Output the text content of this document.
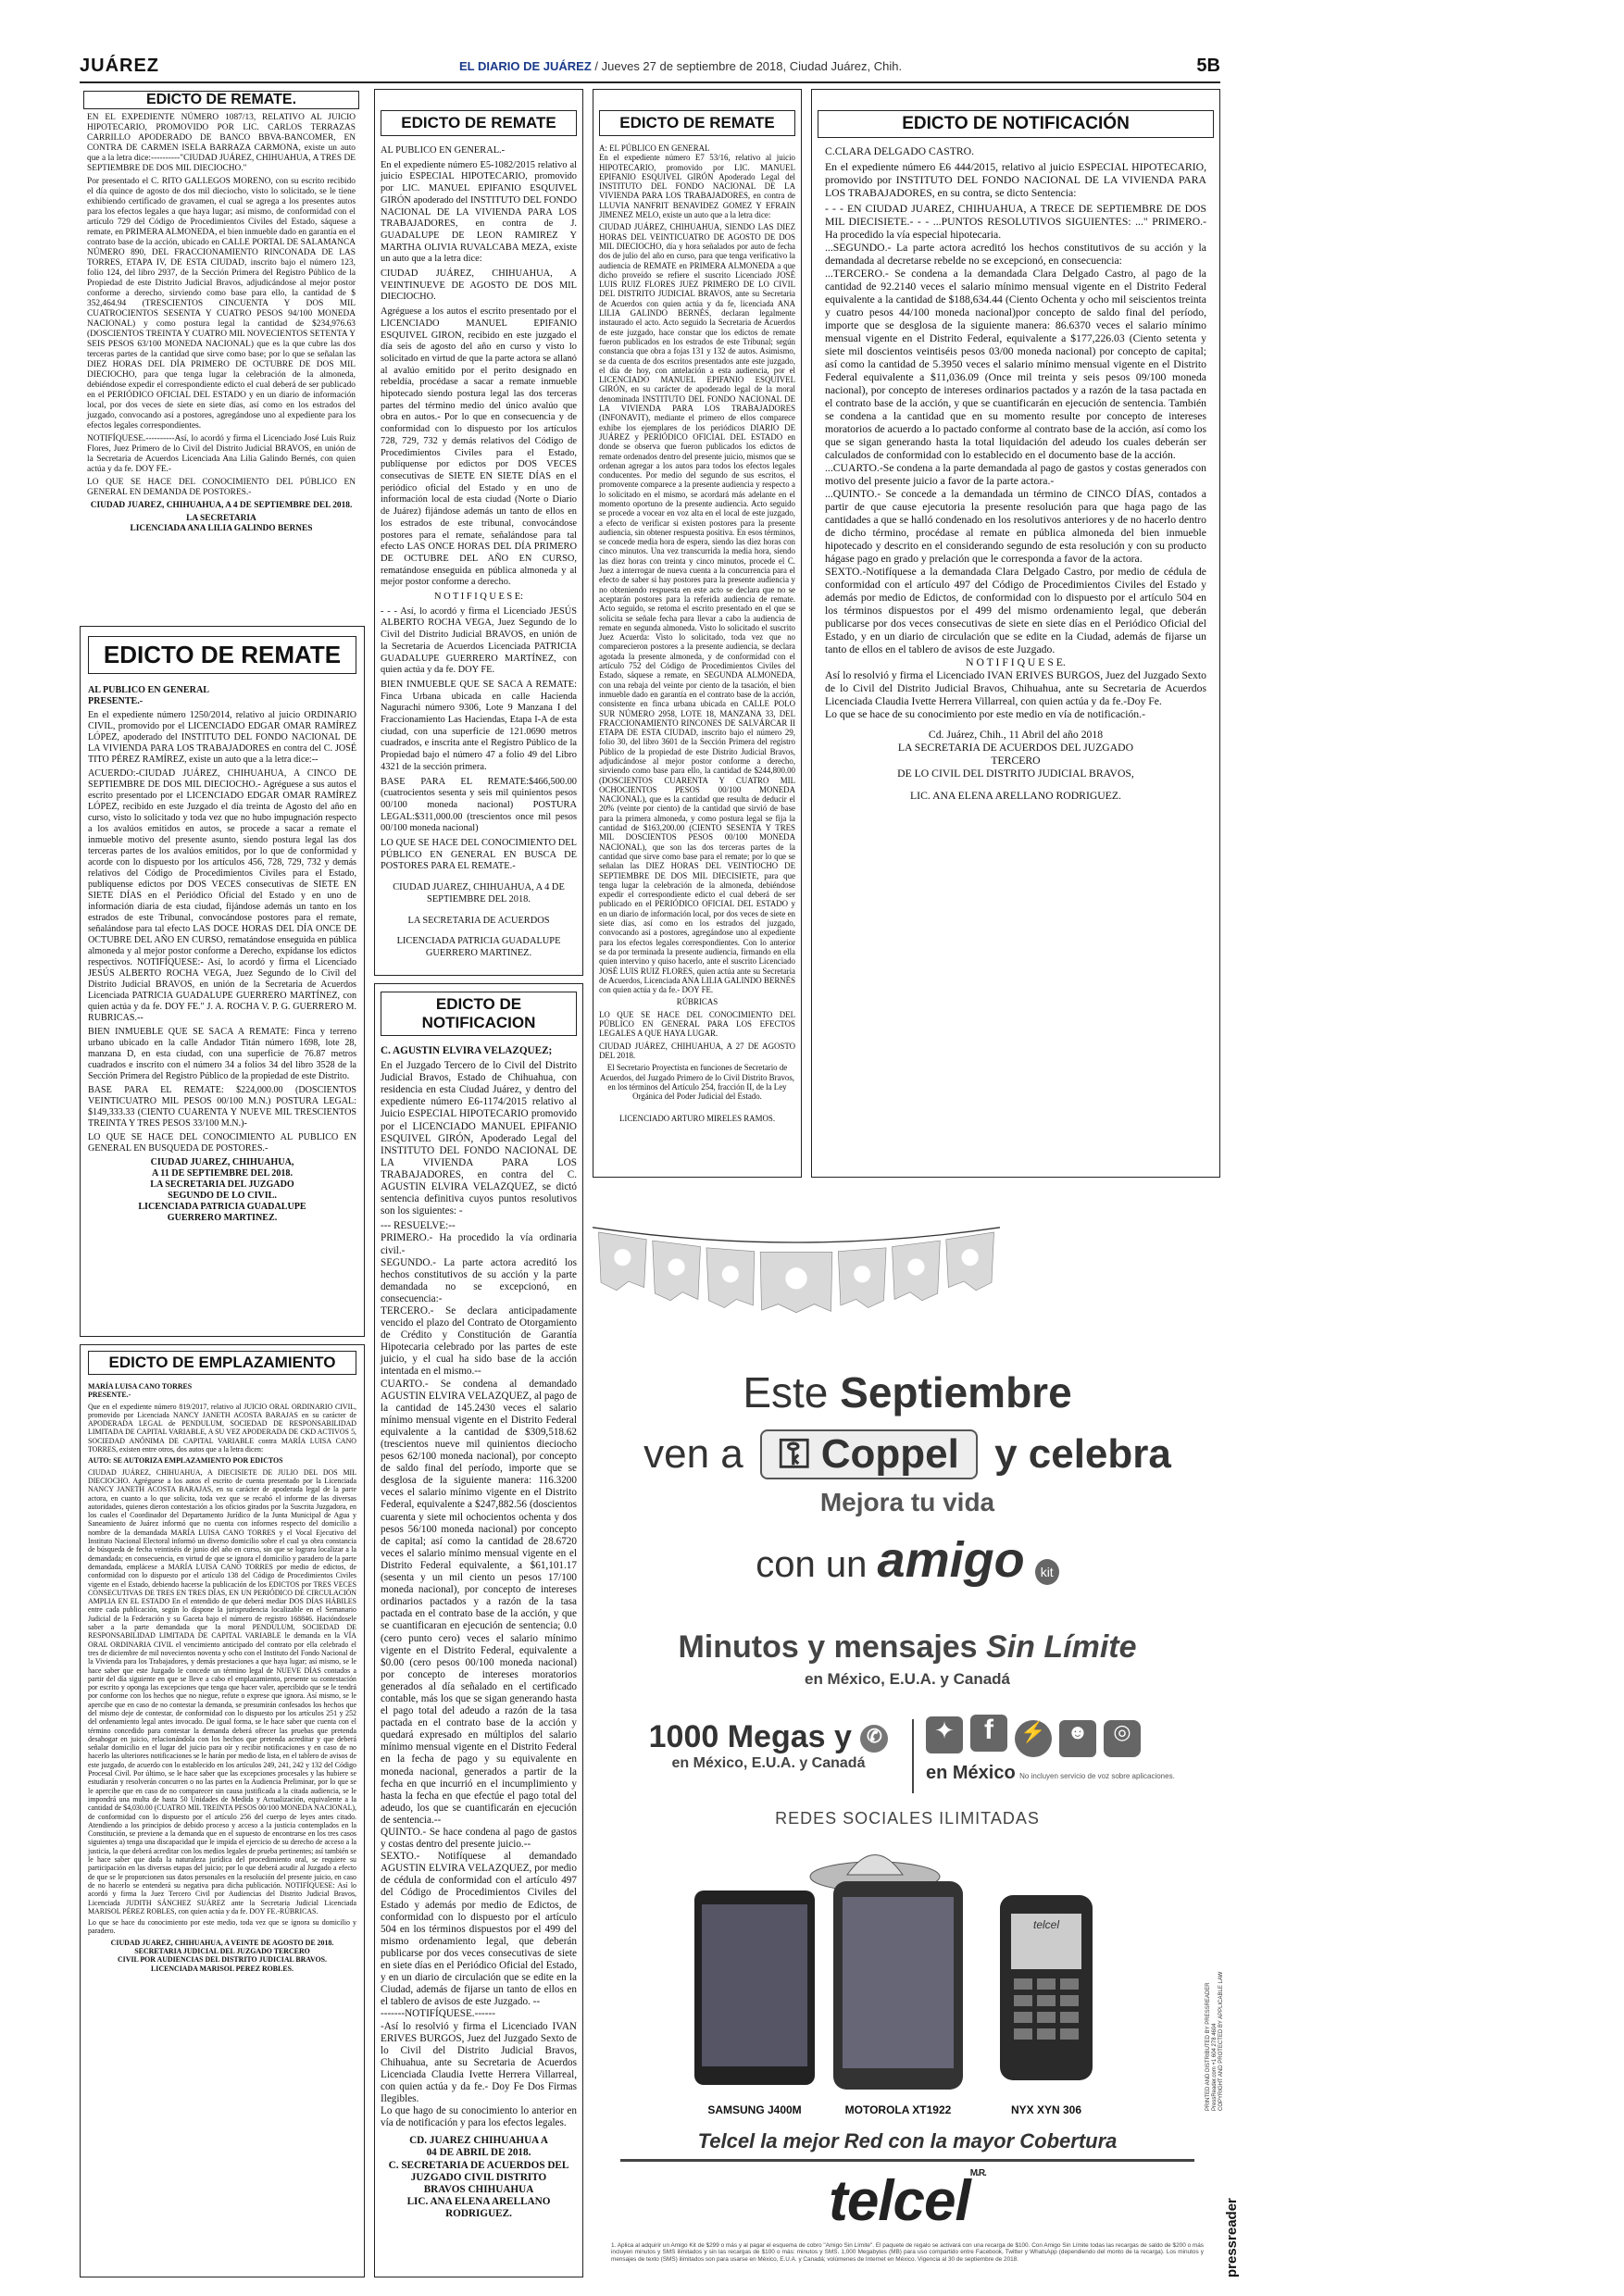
JUÁREZ	EL DIARIO DE JUÁREZ / Jueves 27 de septiembre de 2018, Ciudad Juárez, Chih.	5B
EDICTO DE REMATE.

EN EL EXPEDIENTE NÚMERO 1087/13, RELATIVO AL JUICIO HIPOTECARIO, PROMOVIDO POR LIC. CARLOS TERRAZAS CARRILLO APODERADO DE BANCO BBVA-BANCOMER, EN CONTRA DE CARMEN ISELA BARRAZA CARMONA, existe un auto que a la letra dice:----------"CIUDAD JUÁREZ, CHIHUAHUA, A TRES DE SEPTIEMBRE DE DOS MIL DIECIOCHO."

Por presentado el C. RITO GALLEGOS MORENO, con su escrito recibido el día quince de agosto de dos mil dieciocho, visto lo solicitado, se le tiene exhibiendo certificado de gravamen, el cual se agrega a los presentes autos para los efectos legales a que haya lugar; así mismo, de conformidad con el artículo 729 del Código de Procedimientos Civiles del Estado, sáquese a remate, en PRIMERA ALMONEDA, el bien inmueble dado en garantía en el contrato base de la acción, ubicado en CALLE PORTAL DE SALAMANCA NÚMERO 890, DEL FRACCIONAMIENTO RINCONADA DE LAS TORRES, ETAPA IV, DE ESTA CIUDAD, inscrito bajo el número 123, folio 124, del libro 2937, de la Sección Primera del Registro Público de la Propiedad de este Distrito Judicial Bravos, adjudicándose al mejor postor conforme a derecho, sirviendo como base para ello, la cantidad de $ 352,464.94 (TRESCIENTOS CINCUENTA Y DOS MIL CUATROCIENTOS SESENTA Y CUATRO PESOS 94/100 MONEDA NACIONAL) y como postura legal la cantidad de $234,976.63 (DOSCIENTOS TREINTA Y CUATRO MIL NOVECIENTOS SETENTA Y SEIS PESOS 63/100 MONEDA NACIONAL) que es la que cubre las dos terceras partes de la cantidad que sirve como base; por lo que se señalan las DIEZ HORAS DEL DÍA PRIMERO DE OCTUBRE DE DOS MIL DIECIOCHO, para que tenga lugar la celebración de la almoneda, debiéndose expedir el correspondiente edicto el cual deberá de ser publicado en el PERIÓDICO OFICIAL DEL ESTADO y en un diario de información local, por dos veces de siete en siete días, así como en los estrados del juzgado, convocando así a postores, agregándose uno al expediente para los efectos legales correspondientes.

NOTIFÍQUESE.----------Así, lo acordó y firma el Licenciado José Luis Ruiz Flores, Juez Primero de lo Civil del Distrito Judicial BRAVOS, en unión de la Secretaria de Acuerdos Licenciada Ana Lilia Galindo Bernés, con quien actúa y da fe. DOY FE.-

LO QUE SE HACE DEL CONOCIMIENTO DEL PÚBLICO EN GENERAL EN DEMANDA DE POSTORES.-

CIUDAD JUAREZ, CHIHUAHUA, A 4 DE SEPTIEMBRE DEL 2018.

LA SECRETARIA

LICENCIADA ANA LILIA GALINDO BERNES

EDICTO DE REMATE

AL PUBLICO EN GENERAL

PRESENTE.-

En el expediente número 1250/2014, relativo al juicio ORDINARIO CIVIL, promovido por el LICENCIADO EDGAR OMAR RAMÍREZ LÓPEZ, apoderado del INSTITUTO DEL FONDO NACIONAL DE LA VIVIENDA PARA LOS TRABAJADORES en contra del C. JOSÉ TITO PÉREZ RAMÍREZ, existe un auto que a la letra dice:--

ACUERDO:-CIUDAD JUÁREZ, CHIHUAHUA, A CINCO DE SEPTIEMBRE DE DOS MIL DIECIOCHO.- Agréguese a sus autos el escrito presentado por el LICENCIADO EDGAR OMAR RAMÍREZ LÓPEZ, recibido en este Juzgado el día treinta de Agosto del año en curso, visto lo solicitado y toda vez que no hubo impugnación respecto a los avalúos emitidos en autos, se procede a sacar a remate el inmueble motivo del presente asunto, siendo postura legal las dos terceras partes de los avalúos emitidos, por lo que de conformidad y acorde con lo dispuesto por los artículos 456, 728, 729, 732 y demás relativos del Código de Procedimientos Civiles para el Estado, publíquense edictos por DOS VECES consecutivas de SIETE EN SIETE DÍAS en el Periódico Oficial del Estado y en uno de información diaria de esta ciudad, fijándose además un tanto en los estrados de este Tribunal, convocándose postores para el remate, señalándose para tal efecto LAS DOCE HORAS DEL DÍA ONCE DE OCTUBRE DEL AÑO EN CURSO, rematándose enseguida en pública almoneda y al mejor postor conforme a Derecho, expídanse los edictos respectivos. NOTIFÍQUESE:- Así, lo acordó y firma el Licenciado JESÚS ALBERTO ROCHA VEGA, Juez Segundo de lo Civil del Distrito Judicial BRAVOS, en unión de la Secretaria de Acuerdos Licenciada PATRICIA GUADALUPE GUERRERO MARTÍNEZ, con quien actúa y da fe. DOY FE." J. A. ROCHA V. P. G. GUERRERO M. RUBRICAS.--

BIEN INMUEBLE QUE SE SACA A REMATE: Finca y terreno urbano ubicado en la calle Andador Titán número 1698, lote 28, manzana D, en esta ciudad, con una superficie de 76.87 metros cuadrados e inscrito con el número 34 a folios 34 del libro 3528 de la Sección Primera del Registro Público de la propiedad de este Distrito.

BASE PARA EL REMATE: $224,000.00 (DOSCIENTOS VEINTICUATRO MIL PESOS 00/100 M.N.) POSTURA LEGAL: $149,333.33 (CIENTO CUARENTA Y NUEVE MIL TRESCIENTOS TREINTA Y TRES PESOS 33/100 M.N.)-

LO QUE SE HACE DEL CONOCIMIENTO AL PUBLICO EN GENERAL EN BUSQUEDA DE POSTORES.-

CIUDAD JUAREZ, CHIHUAHUA,

A 11 DE SEPTIEMBRE DEL 2018.

LA SECRETARIA DEL JUZGADO

SEGUNDO DE LO CIVIL.

LICENCIADA PATRICIA GUADALUPE

GUERRERO MARTINEZ.

EDICTO DE EMPLAZAMIENTO

MARÍA LUISA CANO TORRES

PRESENTE.-

Que en el expediente número 819/2017, relativo al JUICIO ORAL ORDINARIO CIVIL, promovido por Licenciada NANCY JANETH ACOSTA BARAJAS en su carácter de APODERADA LEGAL de PENDULUM, SOCIEDAD DE RESPONSABILIDAD LIMITADA DE CAPITAL VARIABLE, A SU VEZ APODERADA DE CKD ACTIVOS 5, SOCIEDAD ANÓNIMA DE CAPITAL VARIABLE contra MARÍA LUISA CANO TORRES, existen entre otros, dos autos que a la letra dicen:

AUTO: SE AUTORIZA EMPLAZAMIENTO POR EDICTOS

CIUDAD JUÁREZ, CHIHUAHUA, A DIECISIETE DE JULIO DEL DOS MIL DIECIOCHO. Agréguese a los autos el escrito de cuenta presentado por la Licenciada NANCY JANETH ACOSTA BARAJAS, en su carácter de apoderada legal de la parte actora, en cuanto a lo que solicita, toda vez que se recabó el informe de las diversas autoridades, quienes dieron contestación a los oficios girados por la Suscrita Juzgadora, en los cuales el Coordinador del Departamento Jurídico de la Junta Municipal de Agua y Saneamiento de Juárez informó que no cuenta con informes respecto del domicilio a nombre de la demandada MARÍA LUISA CANO TORRES y el Vocal Ejecutivo del Instituto Nacional Electoral informó un diverso domicilio sobre el cual ya obra constancia de búsqueda de fecha veintiséis de junio del año en curso, sin que se lograra localizar a la demandada; en consecuencia, en virtud de que se ignora el domicilio y paradero de la parte demandada, emplácese a MARÍA LUISA CANO TORRES por medio de edictos, de conformidad con lo dispuesto por el artículo 138 del Código de Procedimientos Civiles vigente en el Estado, debiendo hacerse la publicación de los EDICTOS por TRES VECES CONSECUTIVAS DE TRES EN TRES DÍAS, EN UN PERIÓDICO DE CIRCULACIÓN AMPLIA EN EL ESTADO En el entendido de que deberá mediar DOS DÍAS HÁBILES entre cada publicación, según lo dispone la jurisprudencia localizable en el Semanario Judicial de la Federación y su Gaceta bajo el número de registro 168846. Hacióndosele saber a la parte demandada que la moral PENDULUM, SOCIEDAD DE RESPONSABILIDAD LIMITADA DE CAPITAL VARIABLE le demanda en la VÍA ORAL ORDINARIA CIVIL el vencimiento anticipado del contrato por ella celebrado el tres de diciembre de mil novecientos noventa y ocho con el Instituto del Fondo Nacional de la Vivienda para los Trabajadores, y demás prestaciones a que haya lugar; así mismo, se le hace saber que este Juzgado le concede un término legal de NUEVE DÍAS contados a partir del día siguiente en que se lleve a cabo el emplazamiento, presente su contestación por escrito y oponga las excepciones que tenga que hacer valer, apercibido que se le tendrá por conforme con los hechos que no niegue, refute o exprese que ignora. Así mismo, se le apercibe que en caso de no contestar la demanda, se presumirán confesados los hechos que del mismo deje de contestar, de conformidad con lo dispuesto por los artículos 251 y 252 del ordenamiento legal antes invocado. De igual forma, se le hace saber que cuenta con el término concedido para contestar la demanda deberá ofrecer las pruebas que pretenda desahogar en juicio, relacionándola con los hechos que pretenda acreditar y que deberá señalar domicilio en el lugar del juicio para oír y recibir notificaciones y en caso de no hacerlo las ulteriores notificaciones se le harán por medio de lista, en el tablero de avisos de este juzgado, de acuerdo con lo establecido en los artículos 249, 241, 242 y 132 del Código Procesal Civil. Por último, se le hace saber que las excepciones procesales y las hubiere se estudiarán y resolverán concurren o no las partes en la Audiencia Preliminar, por lo que se le apercibe que en caso de no comparecer sin causa justificada a la citada audiencia, se le impondrá una multa de hasta 50 Unidades de Medida y Actualización, equivalente a la cantidad de $4,030.00 (CUATRO MIL TREINTA PESOS 00/100 MONEDA NACIONAL), de conformidad con lo dispuesto por el artículo 256 del cuerpo de leyes antes citado. Atendiendo a los principios de debido proceso y acceso a la justicia contemplados en la Constitución, se previene a la demanda que en el supuesto de encontrarse en los tres casos siguientes a) tenga una discapacidad que le impida el ejercicio de su derecho de acceso a la justicia, la que deberá acreditar con los medios legales de prueba pertinentes; así también se le hace saber que dada la naturaleza jurídica del procedimiento oral, se requiere su participación en las diversas etapas del juicio; por lo que deberá acudir al Juzgado a efecto de que se le proporcionen sus datos personales en la resolución del presente juicio, en caso de no hacerlo se entenderá su negativa para dicha publicación. NOTIFÍQUESE: Así lo acordó y firma la Juez Tercero Civil por Audiencias del Distrito Judicial Bravos, Licenciada JUDITH SÁNCHEZ SUÁREZ ante la Secretaria Judicial Licenciada MARISOL PÉREZ ROBLES, con quien actúa y da fe. DOY FE.-RÚBRICAS.

Lo que se hace du conocimiento por este medio, toda vez que se ignora su domicilio y paradero.

CIUDAD JUAREZ, CHIHUAHUA, A VEINTE DE AGOSTO DE 2018.

SECRETARIA JUDICIAL DEL JUZGADO TERCERO

CIVIL POR AUDIENCIAS DEL DISTRITO JUDICIAL BRAVOS.

LICENCIADA MARISOL PEREZ ROBLES.

EDICTO DE REMATE

AL PUBLICO EN GENERAL.-

En el expediente número E5-1082/2015 relativo al juicio ESPECIAL HIPOTECARIO, promovido por LIC. MANUEL EPIFANIO ESQUIVEL GIRÓN apoderado del INSTITUTO DEL FONDO NACIONAL DE LA VIVIENDA PARA LOS TRABAJADORES, en contra de J. GUADALUPE DE LEON RAMIREZ Y MARTHA OLIVIA RUVALCABA MEZA, existe un auto que a la letra dice:

CIUDAD JUÁREZ, CHIHUAHUA, A VEINTINUEVE DE AGOSTO DE DOS MIL DIECIOCHO.

Agréguese a los autos el escrito presentado por el LICENCIADO MANUEL EPIFANIO ESQUIVEL GIRON, recibido en este juzgado el día seis de agosto del año en curso y visto lo solicitado en virtud de que la parte actora se allanó al avalúo emitido por el perito designado en rebeldía, procédase a sacar a remate inmueble hipotecado siendo postura legal las dos terceras partes del término medio del único avalúo que obra en autos.- Por lo que en consecuencia y de conformidad con lo dispuesto por los artículos 728, 729, 732 y demás relativos del Código de Procedimientos Civiles para el Estado, publíquense por edictos por DOS VECES consecutivas de SIETE EN SIETE DÍAS en el periódico oficial del Estado y en uno de información local de esta ciudad (Norte o Diario de Juárez) fijándose además un tanto de ellos en los estrados de este tribunal, convocándose postores para el remate, señalándose para tal efecto LAS ONCE HORAS DEL DÍA PRIMERO DE OCTUBRE DEL AÑO EN CURSO, rematándose enseguida en pública almoneda y al mejor postor conforme a derecho.

N O T I F I Q U E S E:

- - - Así, lo acordó y firma el Licenciado JESÚS ALBERTO ROCHA VEGA, Juez Segundo de lo Civil del Distrito Judicial BRAVOS, en unión de la Secretaria de Acuerdos Licenciada PATRICIA GUADALUPE GUERRERO MARTÍNEZ, con quien actúa y da fe. DOY FE.

BIEN INMUEBLE QUE SE SACA A REMATE: Finca Urbana ubicada en calle Hacienda Nagurachi número 9306, Lote 9 Manzana I del Fraccionamiento Las Haciendas, Etapa I-A de esta ciudad, con una superficie de 121.0690 metros cuadrados, e inscrita ante el Registro Público de la Propiedad bajo el número 47 a folio 49 del Libro 4321 de la sección primera.

BASE PARA EL REMATE:$466,500.00 (cuatrocientos sesenta y seis mil quinientos pesos 00/100 moneda nacional) POSTURA LEGAL:$311,000.00 (trescientos once mil pesos 00/100 moneda nacional)

LO QUE SE HACE DEL CONOCIMIENTO DEL PÚBLICO EN GENERAL EN BUSCA DE POSTORES PARA EL REMATE.-

CIUDAD JUAREZ, CHIHUAHUA, A 4 DE SEPTIEMBRE DEL 2018.

LA SECRETARIA DE ACUERDOS

LICENCIADA PATRICIA GUADALUPE GUERRERO MARTINEZ.

EDICTO DE NOTIFICACION

C. AGUSTIN ELVIRA VELAZQUEZ;

En el Juzgado Tercero de lo Civil del Distrito Judicial Bravos, Estado de Chihuahua, con residencia en esta Ciudad Juárez, y dentro del expediente número E6-1174/2015 relativo al Juicio ESPECIAL HIPOTECARIO promovido por el LICENCIADO MANUEL EPIFANIO ESQUIVEL GIRÓN, Apoderado Legal del INSTITUTO DEL FONDO NACIONAL DE LA VIVIENDA PARA LOS TRABAJADORES, en contra del C. AGUSTIN ELVIRA VELAZQUEZ, se dictó sentencia definitiva cuyos puntos resolutivos son los siguientes: -

--- RESUELVE:--

PRIMERO.- Ha procedido la vía ordinaria civil.-

SEGUNDO.- La parte actora acreditó los hechos constitutivos de su acción y la parte demandada no se excepcionó, en consecuencia:-

TERCERO.- Se declara anticipadamente vencido el plazo del Contrato de Otorgamiento de Crédito y Constitución de Garantía Hipotecaria celebrado por las partes de este juicio, y el cual ha sido base de la acción intentada en el mismo.--

CUARTO.- Se condena al demandado AGUSTIN ELVIRA VELAZQUEZ, al pago de la cantidad de 145.2430 veces el salario mínimo mensual vigente en el Distrito Federal equivalente a la cantidad de $309,518.62 (trescientos nueve mil quinientos dieciocho pesos 62/100 moneda nacional), por concepto de saldo final del período, importe que se desglosa de la siguiente manera: 116.3200 veces el salario mínimo vigente en el Distrito Federal, equivalente a $247,882.56 (doscientos cuarenta y siete mil ochocientos ochenta y dos pesos 56/100 moneda nacional) por concepto de capital; así como la cantidad de 28.6720 veces el salario mínimo mensual vigente en el Distrito Federal equivalente, a $61,101.17 (sesenta y un mil ciento un pesos 17/100 moneda nacional), por concepto de intereses ordinarios pactados y a razón de la tasa pactada en el contrato base de la acción, y que se cuantificaran en ejecución de sentencia; 0.0 (cero punto cero) veces el salario mínimo vigente en el Distrito Federal, equivalente a $0.00 (cero pesos 00/100 moneda nacional) por concepto de intereses moratorios generados al día señalado en el certificado contable, más los que se sigan generando hasta el pago total del adeudo a razón de la tasa pactada en el contrato base de la acción y quedará expresado en múltiplos del salario mínimo mensual vigente en el Distrito Federal en la fecha de pago y su equivalente en moneda nacional, generados a partir de la fecha en que incurrió en el incumplimiento y hasta la fecha en que efectúe el pago total del adeudo, los que se cuantificarán en ejecución de sentencia.--

QUINTO.- Se hace condena al pago de gastos y costas dentro del presente juicio.--

SEXTO.- Notifíquese al demandado AGUSTIN ELVIRA VELAZQUEZ, por medio de cédula de conformidad con el artículo 497 del Código de Procedimientos Civiles del Estado y además por medio de Edictos, de conformidad con lo dispuesto por el artículo 504 en los términos dispuestos por el 499 del mismo ordenamiento legal, que deberán publicarse por dos veces consecutivas de siete en siete días en el Periódico Oficial del Estado, y en un diario de circulación que se edite en la Ciudad, además de fijarse un tanto de ellos en el tablero de avisos de este Juzgado. --

-------NOTIFÍQUESE.------

-Así lo resolvió y firma el Licenciado IVAN ERIVES BURGOS, Juez del Juzgado Sexto de lo Civil del Distrito Judicial Bravos, Chihuahua, ante su Secretaria de Acuerdos Licenciada Claudia Ivette Herrera Villarreal, con quien actúa y da fe.- Doy Fe Dos Firmas Ilegibles.

Lo que hago de su conocimiento lo anterior en vía de notificación y para los efectos legales.

CD. JUAREZ CHIHUAHUA A

04 DE ABRIL DE 2018.

C. SECRETARIA DE ACUERDOS DEL

JUZGADO CIVIL DISTRITO

BRAVOS CHIHUAHUA

LIC. ANA ELENA ARELLANO RODRIGUEZ.

EDICTO DE REMATE

A: EL PÚBLICO EN GENERAL

En el expediente número E7 53/16, relativo al juicio HIPOTECARIO, promovido por LIC. MANUEL EPIFANIO ESQUIVEL GIRÓN Apoderado Legal del INSTITUTO DEL FONDO NACIONAL DE LA VIVIENDA PARA LOS TRABAJADORES, en contra de LLUVIA NANFRIT BENAVIDEZ GOMEZ Y EFRAIN JIMENEZ MELO, existe un auto que a la letra dice:

CIUDAD JUÁREZ, CHIHUAHUA, SIENDO LAS DIEZ HORAS DEL VEINTICUATRO DE AGOSTO DE DOS MIL DIECIOCHO, día y hora señalados por auto de fecha dos de julio del año en curso, para que tenga verificativo la audiencia de REMATE en PRIMERA ALMONEDA a que dicho proveído se refiere el suscrito Licenciado JOSÉ LUIS RUIZ FLORES JUEZ PRIMERO DE LO CIVIL DEL DISTRITO JUDICIAL BRAVOS, ante su Secretaria de Acuerdos con quien actúa y da fe, licenciada ANA LILIA GALINDO BERNÉS, declaran legalmente instaurado el acto. Acto seguido la Secretaria de Acuerdos de este juzgado, hace constar que los edictos de remate fueron publicados en los estrados de este Tribunal; según constancia que obra a fojas 131 y 132 de autos. Asimismo, se da cuenta de dos escritos presentados ante este juzgado, el día de hoy, con antelación a esta audiencia, por el LICENCIADO MANUEL EPIFANIO ESQUIVEL GIRÓN, en su carácter de apoderado legal de la moral denominada INSTITUTO DEL FONDO NACIONAL DE LA VIVIENDA PARA LOS TRABAJADORES (INFONAVIT), mediante el primero de ellos comparece exhibe los ejemplares de los periódicos DIARIO DE JUÁREZ y PERIÓDICO OFICIAL DEL ESTADO en donde se observa que fueron publicados los edictos de remate ordenados dentro del presente juicio, mismos que se ordenan agregar a los autos para todos los efectos legales conducentes. Por medio del segundo de sus escritos, el promovente comparece a la presente audiencia y respecto a lo solicitado en el mismo, se acordará más adelante en el momento oportuno de la presente audiencia. Acto seguido se procede a vocear en voz alta en el local de este juzgado, a efecto de verificar si existen postores para la presente audiencia, sin obtener respuesta positiva. En esos términos, se concede media hora de espera, siendo las diez horas con cinco minutos. Una vez transcurrida la media hora, siendo las diez horas con treinta y cinco minutos, procede el C. Juez a interrogar de nueva cuenta a la concurrencia para el efecto de saber si hay postores para la presente audiencia y no obteniendo respuesta en este acto se declara que no se aceptarán postores para la referida audiencia de remate. Acto seguido, se retoma el escrito presentado en el que se solicita se señale fecha para llevar a cabo la audiencia de remate en segunda almoneda. Visto lo solicitado el suscrito Juez Acuerda: Visto lo solicitado, toda vez que no comparecieron postores a la presente audiencia, se declara agotada la presente almoneda, y de conformidad con el artículo 752 del Código de Procedimientos Civiles del Estado, sáquese a remate, en SEGUNDA ALMONEDA, con una rebaja del veinte por ciento de la tasación, el bien inmueble dado en garantía en el contrato base de la acción, consistente en finca urbana ubicada en CALLE POLO SUR NÚMERO 2958, LOTE 18, MANZANA 33, DEL FRACCIONAMIENTO RINCONES DE SALVÁRCAR II ETAPA DE ESTA CIUDAD, inscrito bajo el número 29, folio 30, del libro 3601 de la Sección Primera del registro Público de la propiedad de este Distrito Judicial Bravos, adjudicándose al mejor postor conforme a derecho, sirviendo como base para ello, la cantidad de $244,800.00 (DOSCIENTOS CUARENTA Y CUATRO MIL OCHOCIENTOS PESOS 00/100 MONEDA NACIONAL), que es la cantidad que resulta de deducir el 20% (veinte por ciento) de la cantidad que sirvió de base para la primera almoneda, y como postura legal se fija la cantidad de $163,200.00 (CIENTO SESENTA Y TRES MIL DOSCIENTOS PESOS 00/100 MONEDA NACIONAL), que son las dos terceras partes de la cantidad que sirve como base para el remate; por lo que se señalan las DIEZ HORAS DEL VEINTIOCHO DE SEPTIEMBRE DE DOS MIL DIECISIETE, para que tenga lugar la celebración de la almoneda, debiéndose expedir el correspondiente edicto el cual deberá de ser publicado en el PERIÓDICO OFICIAL DEL ESTADO y en un diario de información local, por dos veces de siete en siete días, así como en los estrados del juzgado, convocando así a postores, agregándose uno al expediente para los efectos legales correspondientes. Con lo anterior se da por terminada la presente audiencia, firmando en ella quien intervino y quiso hacerlo, ante el suscrito Licenciado JOSÉ LUIS RUIZ FLORES, quien actúa ante su Secretaria de Acuerdos, Licenciada ANA LILIA GALINDO BERNÉS con quien actúa y da fe.- DOY FE.

RÚBRICAS

LO QUE SE HACE DEL CONOCIMIENTO DEL PÚBLICO EN GENERAL PARA LOS EFECTOS LEGALES A QUE HAYA LUGAR.

CIUDAD JUÁREZ, CHIHUAHUA, A 27 DE AGOSTO DEL 2018.

El Secretario Proyectista en funciones de Secretario de Acuerdos, del Juzgado Primero de lo Civil Distrito Bravos, en los términos del Artículo 254, fracción II, de la Ley Orgánica del Poder Judicial del Estado.

LICENCIADO ARTURO MIRELES RAMOS.

EDICTO DE NOTIFICACIÓN

C.CLARA DELGADO CASTRO.

En el expediente número E6 444/2015, relativo al juicio ESPECIAL HIPOTECARIO, promovido por INSTITUTO DEL FONDO NACIONAL DE LA VIVIENDA PARA LOS TRABAJADORES, en su contra, se dicto Sentencia:

- - - EN CIUDAD JUAREZ, CHIHUAHUA, A TRECE DE SEPTIEMBRE DE DOS MIL DIECISIETE.- - - ...PUNTOS RESOLUTIVOS SIGUIENTES: ..." PRIMERO.- Ha procedido la vía especial hipotecaria.

...SEGUNDO.- La parte actora acreditó los hechos constitutivos de su acción y la demandada al decretarse rebelde no se excepcionó, en consecuencia:

...TERCERO.- Se condena a la demandada Clara Delgado Castro, al pago de la cantidad de 92.2140 veces el salario mínimo mensual vigente en el Distrito Federal equivalente a la cantidad de $188,634.44 (Ciento Ochenta y ocho mil seiscientos treinta y cuatro pesos 44/100 moneda nacional)por concepto de saldo final del período, importe que se desglosa de la siguiente manera: 86.6370 veces el salario mínimo mensual vigente en el Distrito Federal, equivalente a $177,226.03 (Ciento setenta y siete mil doscientos veintiséis pesos 03/00 moneda nacional) por concepto de capital; así como la cantidad de 5.3950 veces el salario mínimo mensual vigente en el Distrito Federal equivalente a $11,036.09 (Once mil treinta y seis pesos 09/100 moneda nacional), por concepto de intereses ordinarios pactados y a razón de la tasa pactada en el contrato base de la acción, y que se cuantificarán en ejecución de sentencia. También se condena a la cantidad que en su momento resulte por concepto de intereses moratorios de acuerdo a lo pactado conforme al contrato base de la acción, así como los que se sigan generando hasta la total liquidación del adeudo los cuales deberán ser calculados de conformidad con lo establecido en el documento base de la acción.

...CUARTO.-Se condena a la parte demandada al pago de gastos y costas generados con motivo del presente juicio a favor de la parte actora.-

...QUINTO.- Se concede a la demandada un término de CINCO DÍAS, contados a partir de que cause ejecutoria la presente resolución para que haga pago de las cantidades a que se halló condenado en los resolutivos anteriores y de no hacerlo dentro de dicho término, procédase al remate en pública almoneda del bien inmueble hipotecado y descrito en el considerando segundo de esta resolución y con su producto hágase pago en grado y prelación que le corresponda a favor de la actora.

SEXTO.-Notifíquese a la demandada Clara Delgado Castro, por medio de cédula de conformidad con el artículo 497 del Código de Procedimientos Civiles del Estado y además por medio de Edictos, de conformidad con lo dispuesto por el artículo 504 en los términos dispuestos por el 499 del mismo ordenamiento legal, que deberán publicarse por dos veces consecutivas de siete en siete días en el Periódico Oficial del Estado, y en un diario de circulación que se edite en la Ciudad, además de fijarse un tanto de ellos en el tablero de avisos de este Juzgado.

N O T I F I Q U E S E.

Así lo resolvió y firma el Licenciado IVAN ERIVES BURGOS, Juez del Juzgado Sexto de lo Civil del Distrito Judicial Bravos, Chihuahua, ante su Secretaria de Acuerdos Licenciada Claudia Ivette Herrera Villarreal, con quien actúa y da fe.-Doy Fe.

Lo que se hace de su conocimiento por este medio en vía de notificación.-

Cd. Juárez, Chih., 11 Abril del año 2018

LA SECRETARIA DE ACUERDOS DEL JUZGADO

TERCERO

DE LO CIVIL DEL DISTRITO JUDICIAL BRAVOS,

LIC. ANA ELENA ARELLANO RODRIGUEZ.

Este Septiembre
ven a ⚿ Coppel y celebra
Mejora tu vida
con un amigo kit
Minutos y mensajes Sin Límite
en México, E.U.A. y Canadá
1000 Megas y ✆
en México, E.U.A. y Canadá
✦ f ⚡ ☻ ◎
en México No incluyen servicio de voz sobre aplicaciones.
REDES SOCIALES ILIMITADAS
SAMSUNG J400M	MOTOROLA XT1922	NYX XYN 306
telcel
Telcel la mejor Red con la mayor Cobertura
telcel$^{M.R.}$
1. Aplica al adquirir un Amigo Kit de $299 o más y al pagar el esquema de cobro "Amigo Sin Límite". El paquete de regalo se activará con una recarga de $100. Con Amigo Sin Límite todas las recargas de saldo de $200 o más incluyen minutos y SMS ilimitados y sin las recargas de $100 o más: minutos y SMS. 1,000 Megabytes (MB) para uso compartido entre Facebook, Twitter y WhatsApp (dependiendo del monto de la recarga). Los minutos y mensajes de texto (SMS) ilimitados son para usarse en México, E.U.A. y Canadá; volúmenes de Internet en México. Vigencia al 30 de septiembre de 2018.	pressreader
PRINTED AND DISTRIBUTED BY PRESSREADER PressReader.com +1 604 278 4604 COPYRIGHT AND PROTECTED BY APPLICABLE LAW
